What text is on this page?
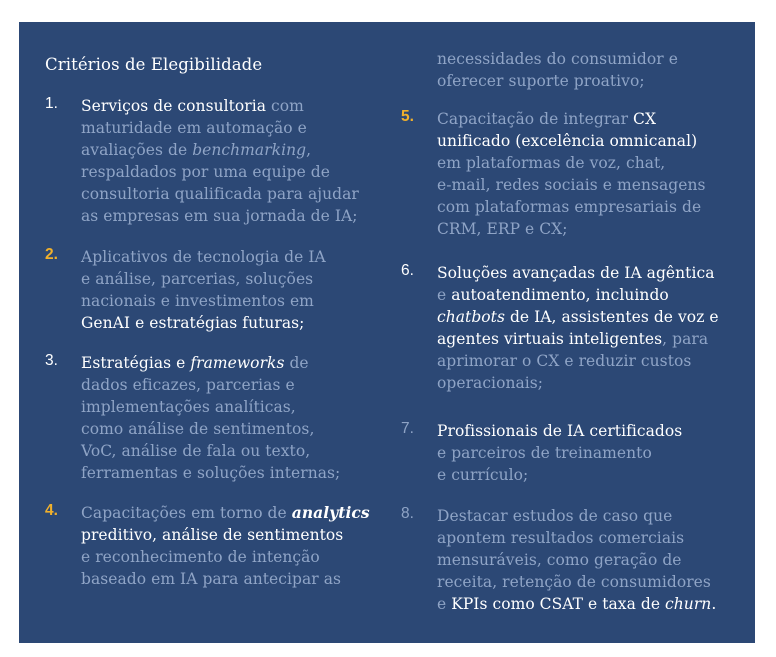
Critérios de Elegibilidade
1.	Serviços de consultoria com
maturidade em automação e
avaliações de benchmarking,
respaldados por uma equipe de
consultoria qualificada para ajudar
as empresas em sua jornada de IA;
2.	Aplicativos de tecnologia de IA
e análise, parcerias, soluções
nacionais e investimentos em
GenAI e estratégias futuras;
3.	Estratégias e frameworks de
dados eficazes, parcerias e
implementações analíticas,
como análise de sentimentos,
VoC, análise de fala ou texto,
ferramentas e soluções internas;
4.	Capacitações em torno de analytics
preditivo, análise de sentimentos
e reconhecimento de intenção
baseado em IA para antecipar as
necessidades do consumidor e
oferecer suporte proativo;
5.	Capacitação de integrar CX
unificado (excelência omnicanal)
em plataformas de voz, chat,
e-mail, redes sociais e mensagens
com plataformas empresariais de
CRM, ERP e CX;
6.	Soluções avançadas de IA agêntica
e autoatendimento, incluindo
chatbots de IA, assistentes de voz e
agentes virtuais inteligentes, para
aprimorar o CX e reduzir custos
operacionais;
7.	Profissionais de IA certificados
e parceiros de treinamento
e currículo;
8.	Destacar estudos de caso que
apontem resultados comerciais
mensuráveis, como geração de
receita, retenção de consumidores
e KPIs como CSAT e taxa de churn.
